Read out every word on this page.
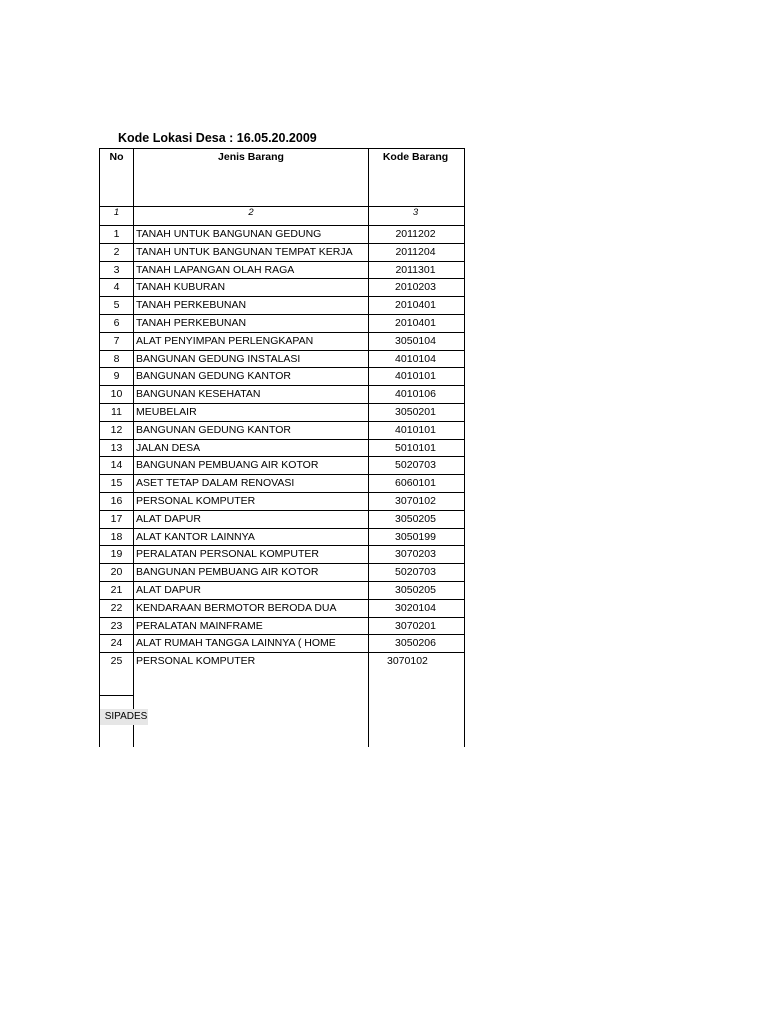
Kode Lokasi Desa : 16.05.20.2009
No	Jenis Barang	Kode Barang
1	2	3
1	TANAH UNTUK BANGUNAN GEDUNG	2011202
2	TANAH UNTUK BANGUNAN TEMPAT KERJA	2011204
3	TANAH LAPANGAN OLAH RAGA	2011301
4	TANAH KUBURAN	2010203
5	TANAH PERKEBUNAN	2010401
6	TANAH PERKEBUNAN	2010401
7	ALAT PENYIMPAN PERLENGKAPAN	3050104
8	BANGUNAN GEDUNG INSTALASI	4010104
9	BANGUNAN GEDUNG KANTOR	4010101
10	BANGUNAN KESEHATAN	4010106
11	MEUBELAIR	3050201
12	BANGUNAN GEDUNG KANTOR	4010101
13	JALAN DESA	5010101
14	BANGUNAN PEMBUANG AIR KOTOR	5020703
15	ASET TETAP DALAM RENOVASI	6060101
16	PERSONAL KOMPUTER	3070102
17	ALAT DAPUR	3050205
18	ALAT KANTOR LAINNYA	3050199
19	PERALATAN PERSONAL KOMPUTER	3070203
20	BANGUNAN PEMBUANG AIR KOTOR	5020703
21	ALAT DAPUR	3050205
22	KENDARAAN BERMOTOR BERODA DUA	3020104
23	PERALATAN MAINFRAME	3070201
24	ALAT RUMAH TANGGA LAINNYA ( HOME	3050206
25	PERSONAL KOMPUTER	3070102
SIPADES
